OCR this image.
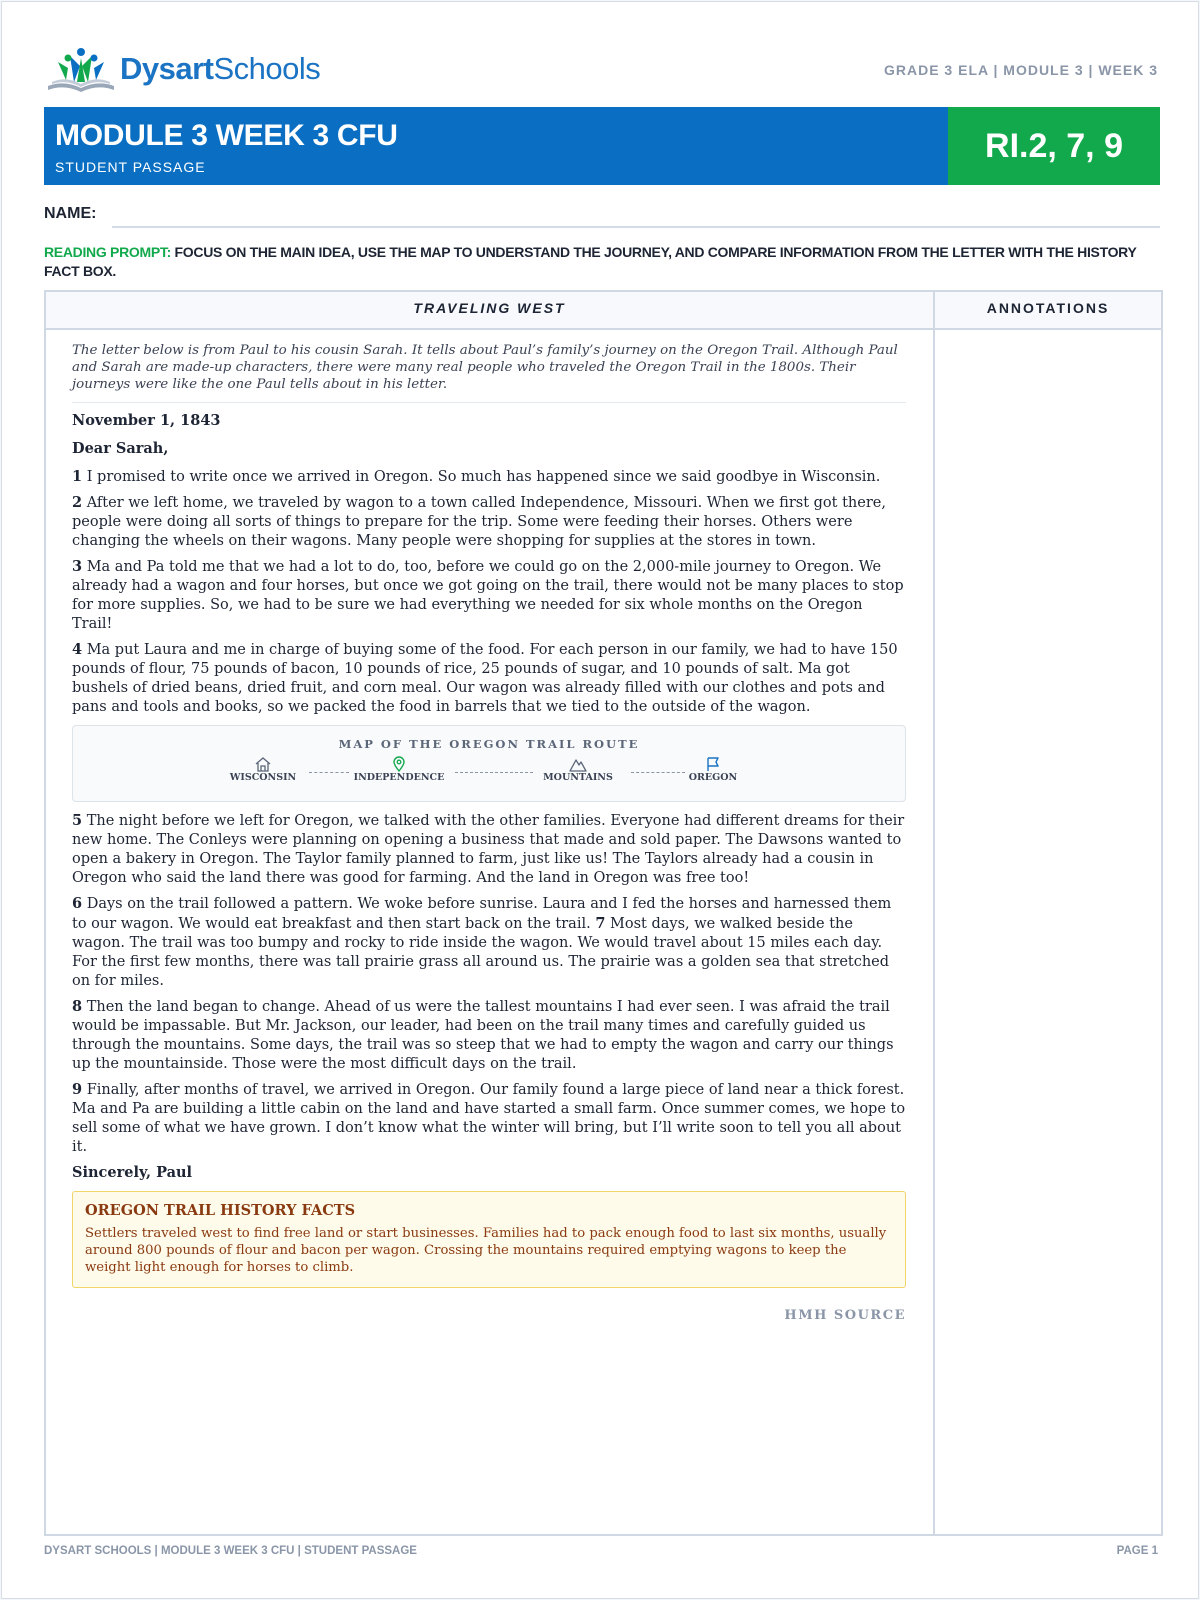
DysartSchools	GRADE 3 ELA | MODULE 3 | WEEK 3
MODULE 3 WEEK 3 CFU
STUDENT PASSAGE
RI.2, 7, 9
NAME:
READING PROMPT: FOCUS ON THE MAIN IDEA, USE THE MAP TO UNDERSTAND THE JOURNEY, AND COMPARE INFORMATION FROM THE LETTER WITH THE HISTORY FACT BOX.
TRAVELING WEST	ANNOTATIONS

The letter below is from Paul to his cousin Sarah. It tells about Paul’s family’s journey on the Oregon Trail. Although Paul and Sarah are made-up characters, there were many real people who traveled the Oregon Trail in the 1800s. Their journeys were like the one Paul tells about in his letter.

November 1, 1843

Dear Sarah,

1 I promised to write once we arrived in Oregon. So much has happened since we said goodbye in Wisconsin.

2 After we left home, we traveled by wagon to a town called Independence, Missouri. When we first got there, people were doing all sorts of things to prepare for the trip. Some were feeding their horses. Others were changing the wheels on their wagons. Many people were shopping for supplies at the stores in town.

3 Ma and Pa told me that we had a lot to do, too, before we could go on the 2,000-mile journey to Oregon. We already had a wagon and four horses, but once we got going on the trail, there would not be many places to stop for more supplies. So, we had to be sure we had everything we needed for six whole months on the Oregon Trail!

4 Ma put Laura and me in charge of buying some of the food. For each person in our family, we had to have 150 pounds of flour, 75 pounds of bacon, 10 pounds of rice, 25 pounds of sugar, and 10 pounds of salt. Ma got bushels of dried beans, dried fruit, and corn meal. Our wagon was already filled with our clothes and pots and pans and tools and books, so we packed the food in barrels that we tied to the outside of the wagon.

MAP OF THE OREGON TRAIL ROUTE
WISCONSIN	INDEPENDENCE	MOUNTAINS	OREGON

5 The night before we left for Oregon, we talked with the other families. Everyone had different dreams for their new home. The Conleys were planning on opening a business that made and sold paper. The Dawsons wanted to open a bakery in Oregon. The Taylor family planned to farm, just like us! The Taylors already had a cousin in Oregon who said the land there was good for farming. And the land in Oregon was free too!

6 Days on the trail followed a pattern. We woke before sunrise. Laura and I fed the horses and harnessed them to our wagon. We would eat breakfast and then start back on the trail. 7 Most days, we walked beside the wagon. The trail was too bumpy and rocky to ride inside the wagon. We would travel about 15 miles each day. For the first few months, there was tall prairie grass all around us. The prairie was a golden sea that stretched on for miles.

8 Then the land began to change. Ahead of us were the tallest mountains I had ever seen. I was afraid the trail would be impassable. But Mr. Jackson, our leader, had been on the trail many times and carefully guided us through the mountains. Some days, the trail was so steep that we had to empty the wagon and carry our things up the mountainside. Those were the most difficult days on the trail.

9 Finally, after months of travel, we arrived in Oregon. Our family found a large piece of land near a thick forest. Ma and Pa are building a little cabin on the land and have started a small farm. Once summer comes, we hope to sell some of what we have grown. I don’t know what the winter will bring, but I’ll write soon to tell you all about it.

Sincerely, Paul

OREGON TRAIL HISTORY FACTS
Settlers traveled west to find free land or start businesses. Families had to pack enough food to last six months, usually around 800 pounds of flour and bacon per wagon. Crossing the mountains required emptying wagons to keep the weight light enough for horses to climb.
HMH SOURCE
DYSART SCHOOLS | MODULE 3 WEEK 3 CFU | STUDENT PASSAGE	PAGE 1
